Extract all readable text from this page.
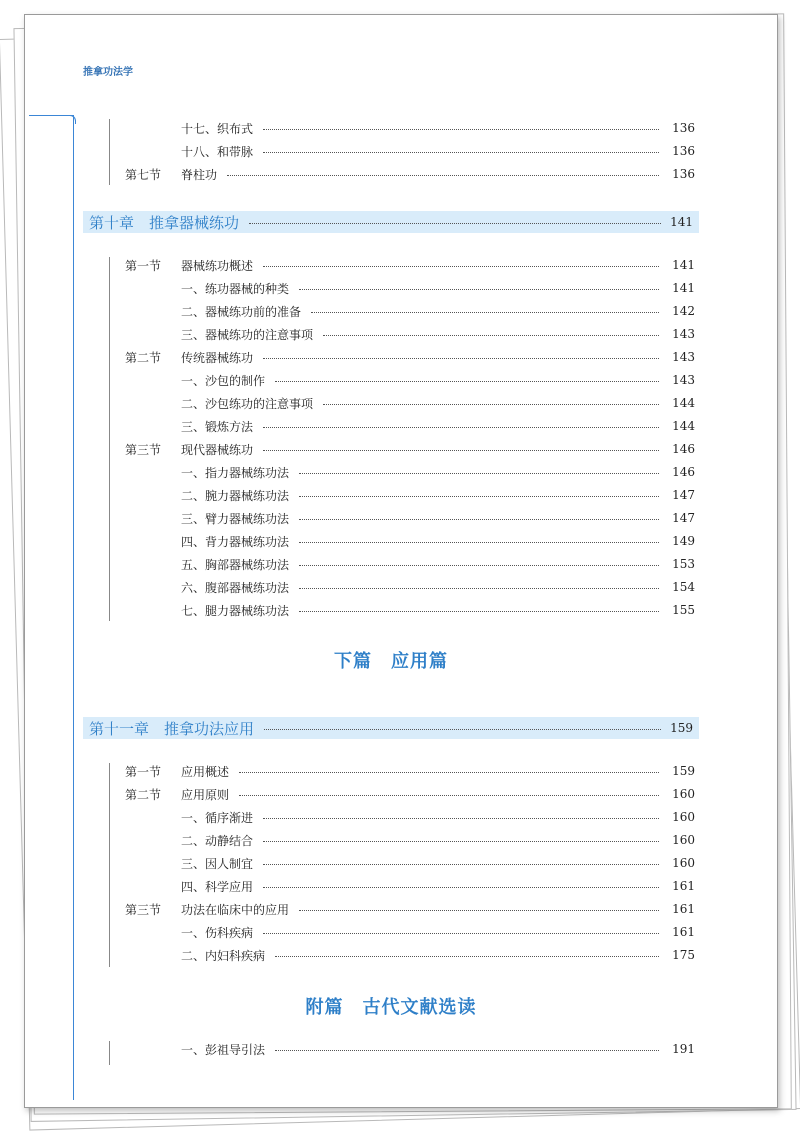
推拿功法学
十七、织布式	136
十八、和带脉	136
第七节	脊柱功	136
第十章　推拿器械练功	141
第一节	器械练功概述	141
一、练功器械的种类	141
二、器械练功前的准备	142
三、器械练功的注意事项	143
第二节	传统器械练功	143
一、沙包的制作	143
二、沙包练功的注意事项	144
三、锻炼方法	144
第三节	现代器械练功	146
一、指力器械练功法	146
二、腕力器械练功法	147
三、臂力器械练功法	147
四、背力器械练功法	149
五、胸部器械练功法	153
六、腹部器械练功法	154
七、腿力器械练功法	155
下篇　应用篇
第十一章　推拿功法应用	159
第一节	应用概述	159
第二节	应用原则	160
一、循序渐进	160
二、动静结合	160
三、因人制宜	160
四、科学应用	161
第三节	功法在临床中的应用	161
一、伤科疾病	161
二、内妇科疾病	175
附篇　古代文献选读
一、彭祖导引法	191
